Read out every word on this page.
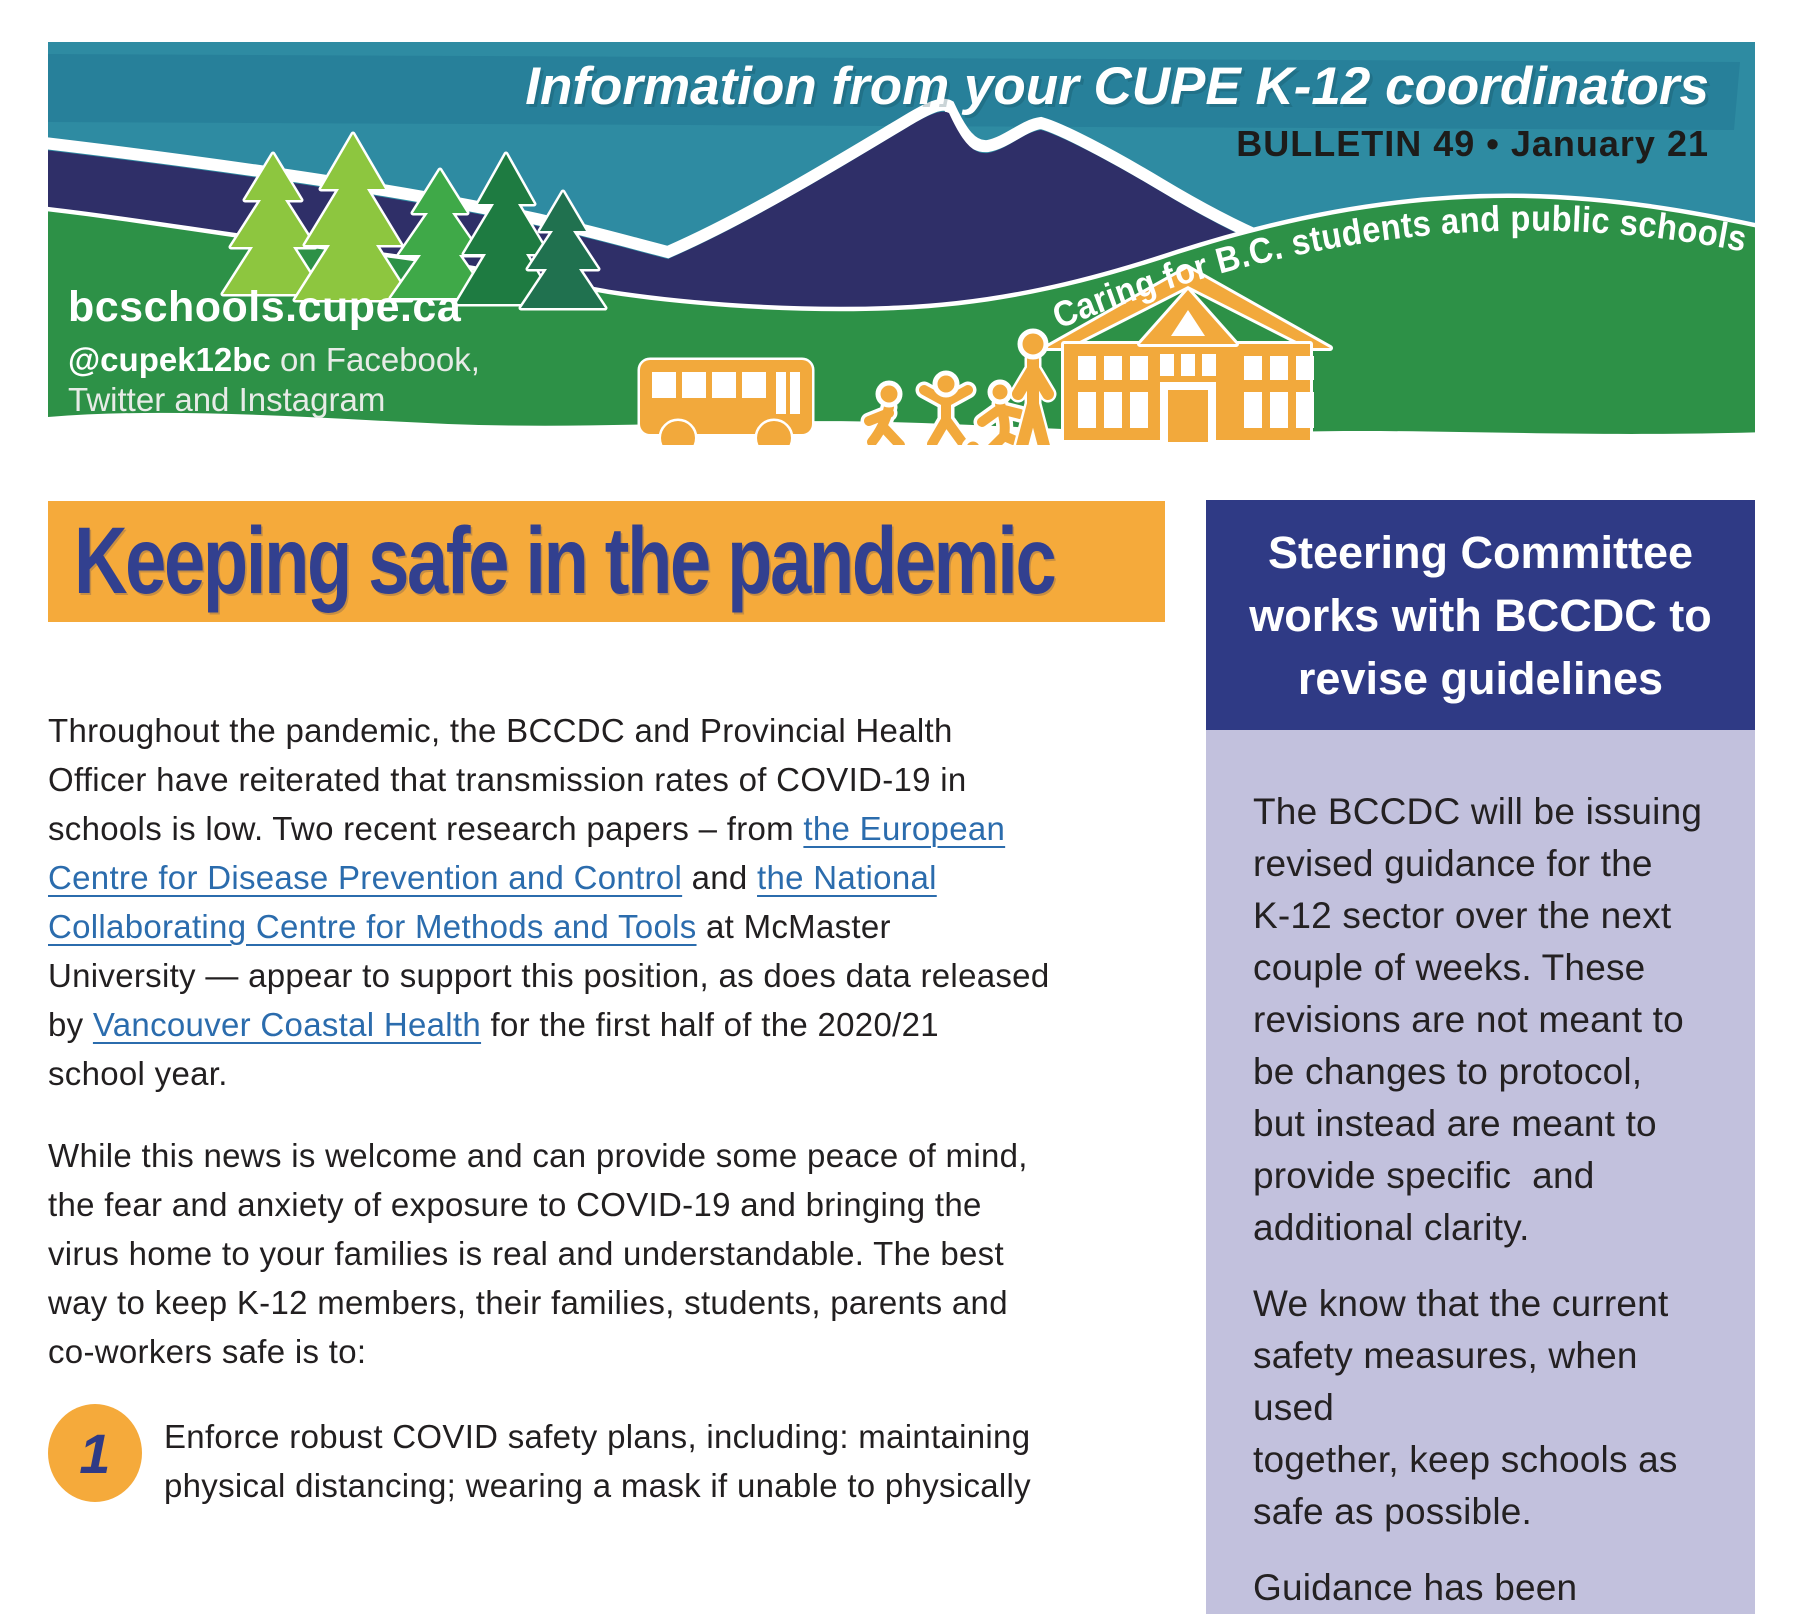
Caring for B.C. students and public schools
Information from your CUPE K-12 coordinators
BULLETIN 49 • January 21
bcschools.cupe.ca
@cupek12bc on Facebook,
Twitter and Instagram
Keeping safe in the pandemic

Throughout the pandemic, the BCCDC and Provincial Health
Officer have reiterated that transmission rates of COVID-19 in
schools is low. Two recent research papers – from the European
Centre for Disease Prevention and Control and the National
Collaborating Centre for Methods and Tools at McMaster
University — appear to support this position, as does data released
by Vancouver Coastal Health for the first half of the 2020/21
school year.

While this news is welcome and can provide some peace of mind,
the fear and anxiety of exposure to COVID-19 and bringing the
virus home to your families is real and understandable. The best
way to keep K-12 members, their families, students, parents and
co-workers safe is to:

1 Enforce robust COVID safety plans, including: maintaining
physical distancing; wearing a mask if unable to physically
Steering Committee
works with BCCDC to
revise guidelines

The BCCDC will be issuing
revised guidance for the
K-12 sector over the next
couple of weeks. These
revisions are not meant to
be changes to protocol,
but instead are meant to
provide specific  and
additional clarity.

We know that the current
safety measures, when used
together, keep schools as
safe as possible.

Guidance has been
